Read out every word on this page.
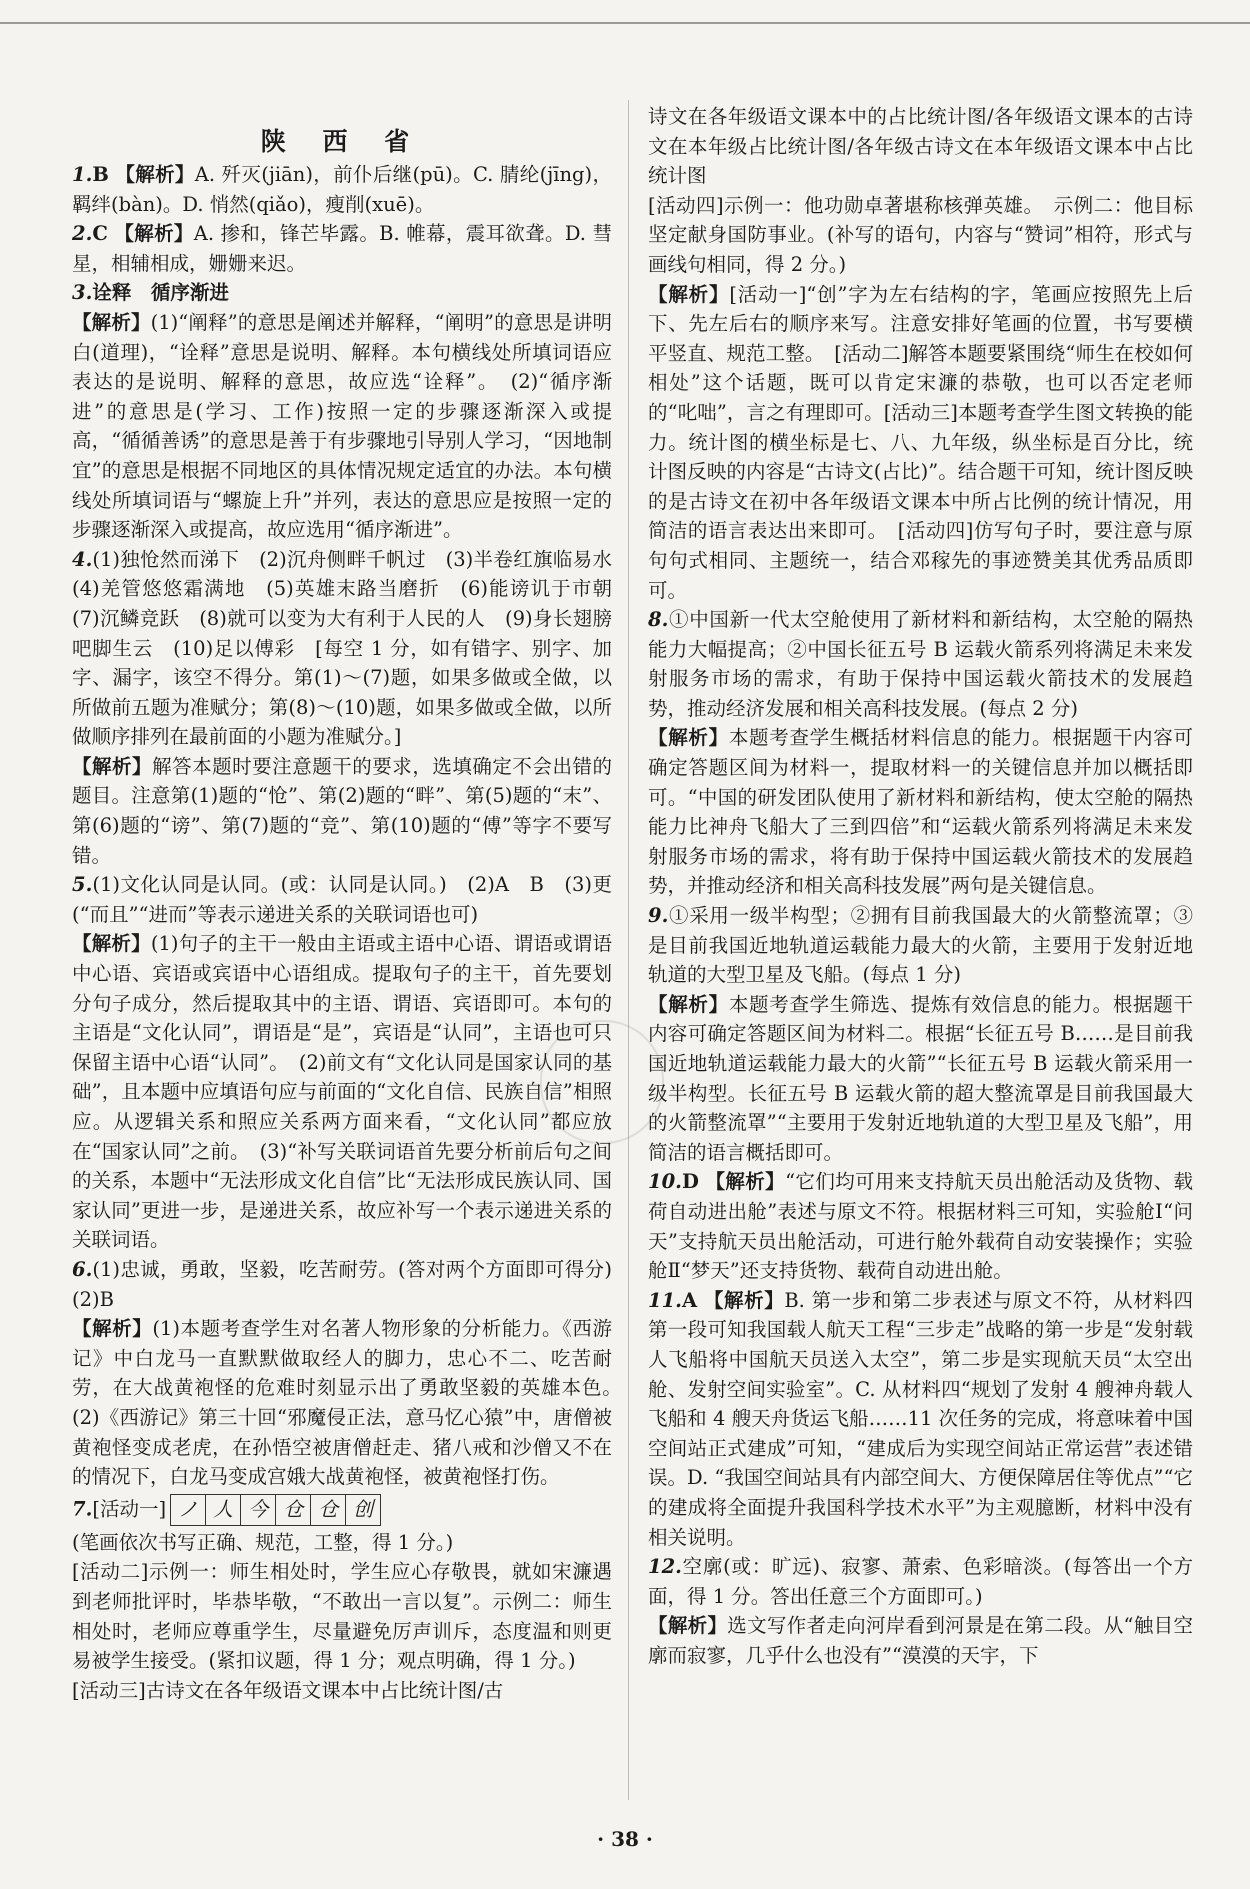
陕 西 省

1.B 【解析】A. 歼灭(jiān)，前仆后继(pū)。C. 腈纶(jīng)，羁绊(bàn)。D. 悄然(qiǎo)，瘦削(xuē)。

2.C 【解析】A. 掺和，锋芒毕露。B. 帷幕，震耳欲聋。D. 彗星，相辅相成，姗姗来迟。

3.诠释　循序渐进

【解析】(1)“阐释”的意思是阐述并解释，“阐明”的意思是讲明白(道理)，“诠释”意思是说明、解释。本句横线处所填词语应表达的是说明、解释的意思，故应选“诠释”。　(2)“循序渐进”的意思是(学习、工作)按照一定的步骤逐渐深入或提高，“循循善诱”的意思是善于有步骤地引导别人学习，“因地制宜”的意思是根据不同地区的具体情况规定适宜的办法。本句横线处所填词语与“螺旋上升”并列，表达的意思应是按照一定的步骤逐渐深入或提高，故应选用“循序渐进”。

4.(1)独怆然而涕下　(2)沉舟侧畔千帆过　(3)半卷红旗临易水　(4)羌管悠悠霜满地　(5)英雄末路当磨折　(6)能谤讥于市朝　(7)沉鳞竞跃　(8)就可以变为大有利于人民的人　(9)身长翅膀吧脚生云　(10)足以傅彩　[每空 1 分，如有错字、别字、加字、漏字，该空不得分。第(1)～(7)题，如果多做或全做，以所做前五题为准赋分；第(8)～(10)题，如果多做或全做，以所做顺序排列在最前面的小题为准赋分。]

【解析】解答本题时要注意题干的要求，选填确定不会出错的题目。注意第(1)题的“怆”、第(2)题的“畔”、第(5)题的“末”、第(6)题的“谤”、第(7)题的“竞”、第(10)题的“傅”等字不要写错。

5.(1)文化认同是认同。(或：认同是认同。)　(2)A　B　(3)更(“而且”“进而”等表示递进关系的关联词语也可)

【解析】(1)句子的主干一般由主语或主语中心语、谓语或谓语中心语、宾语或宾语中心语组成。提取句子的主干，首先要划分句子成分，然后提取其中的主语、谓语、宾语即可。本句的主语是“文化认同”，谓语是“是”，宾语是“认同”，主语也可只保留主语中心语“认同”。　(2)前文有“文化认同是国家认同的基础”，且本题中应填语句应与前面的“文化自信、民族自信”相照应。从逻辑关系和照应关系两方面来看，“文化认同”都应放在“国家认同”之前。　(3)“补写关联词语首先要分析前后句之间的关系，本题中“无法形成文化自信”比“无法形成民族认同、国家认同”更进一步，是递进关系，故应补写一个表示递进关系的关联词语。

6.(1)忠诚，勇敢，坚毅，吃苦耐劳。(答对两个方面即可得分)　(2)B

【解析】(1)本题考查学生对名著人物形象的分析能力。《西游记》中白龙马一直默默做取经人的脚力，忠心不二、吃苦耐劳，在大战黄袍怪的危难时刻显示出了勇敢坚毅的英雄本色。　(2)《西游记》第三十回“邪魔侵正法，意马忆心猿”中，唐僧被黄袍怪变成老虎，在孙悟空被唐僧赶走、猪八戒和沙僧又不在的情况下，白龙马变成宫娥大战黄袍怪，被黄袍怪打伤。

7.[活动一] ノ 人 今 仓 仓 创

(笔画依次书写正确、规范，工整，得 1 分。)

[活动二]示例一：师生相处时，学生应心存敬畏，就如宋濂遇到老师批评时，毕恭毕敬，“不敢出一言以复”。示例二：师生相处时，老师应尊重学生，尽量避免厉声训斥，态度温和则更易被学生接受。(紧扣议题，得 1 分；观点明确，得 1 分。)

[活动三]古诗文在各年级语文课本中占比统计图/古

诗文在各年级语文课本中的占比统计图/各年级语文课本的古诗文在本年级占比统计图/各年级古诗文在本年级语文课本中占比统计图

[活动四]示例一：他功勋卓著堪称核弹英雄。　示例二：他目标坚定献身国防事业。(补写的语句，内容与“赞词”相符，形式与画线句相同，得 2 分。)

【解析】[活动一]“创”字为左右结构的字，笔画应按照先上后下、先左后右的顺序来写。注意安排好笔画的位置，书写要横平竖直、规范工整。　[活动二]解答本题要紧围绕“师生在校如何相处”这个话题，既可以肯定宋濂的恭敬，也可以否定老师的“叱咄”，言之有理即可。[活动三]本题考查学生图文转换的能力。统计图的横坐标是七、八、九年级，纵坐标是百分比，统计图反映的内容是“古诗文(占比)”。结合题干可知，统计图反映的是古诗文在初中各年级语文课本中所占比例的统计情况，用简洁的语言表达出来即可。　[活动四]仿写句子时，要注意与原句句式相同、主题统一，结合邓稼先的事迹赞美其优秀品质即可。

8.①中国新一代太空舱使用了新材料和新结构，太空舱的隔热能力大幅提高；②中国长征五号 B 运载火箭系列将满足未来发射服务市场的需求，有助于保持中国运载火箭技术的发展趋势，推动经济发展和相关高科技发展。(每点 2 分)

【解析】本题考查学生概括材料信息的能力。根据题干内容可确定答题区间为材料一，提取材料一的关键信息并加以概括即可。“中国的研发团队使用了新材料和新结构，使太空舱的隔热能力比神舟飞船大了三到四倍”和“运载火箭系列将满足未来发射服务市场的需求，将有助于保持中国运载火箭技术的发展趋势，并推动经济和相关高科技发展”两句是关键信息。

9.①采用一级半构型；②拥有目前我国最大的火箭整流罩；③是目前我国近地轨道运载能力最大的火箭，主要用于发射近地轨道的大型卫星及飞船。(每点 1 分)

【解析】本题考查学生筛选、提炼有效信息的能力。根据题干内容可确定答题区间为材料二。根据“长征五号 B……是目前我国近地轨道运载能力最大的火箭”“长征五号 B 运载火箭采用一级半构型。长征五号 B 运载火箭的超大整流罩是目前我国最大的火箭整流罩”“主要用于发射近地轨道的大型卫星及飞船”，用简洁的语言概括即可。

10.D 【解析】“它们均可用来支持航天员出舱活动及货物、载荷自动进出舱”表述与原文不符。根据材料三可知，实验舱Ⅰ“问天”支持航天员出舱活动，可进行舱外载荷自动安装操作；实验舱Ⅱ“梦天”还支持货物、载荷自动进出舱。

11.A 【解析】B. 第一步和第二步表述与原文不符，从材料四第一段可知我国载人航天工程“三步走”战略的第一步是“发射载人飞船将中国航天员送入太空”，第二步是实现航天员“太空出舱、发射空间实验室”。C. 从材料四“规划了发射 4 艘神舟载人飞船和 4 艘天舟货运飞船……11 次任务的完成，将意味着中国空间站正式建成”可知，“建成后为实现空间站正常运营”表述错误。D. “我国空间站具有内部空间大、方便保障居住等优点”“它的建成将全面提升我国科学技术水平”为主观臆断，材料中没有相关说明。

12.空廓(或：旷远)、寂寥、萧索、色彩暗淡。(每答出一个方面，得 1 分。答出任意三个方面即可。)

【解析】选文写作者走向河岸看到河景是在第二段。从“触目空廓而寂寥，几乎什么也没有”“漠漠的天宇，下

· 38 ·
